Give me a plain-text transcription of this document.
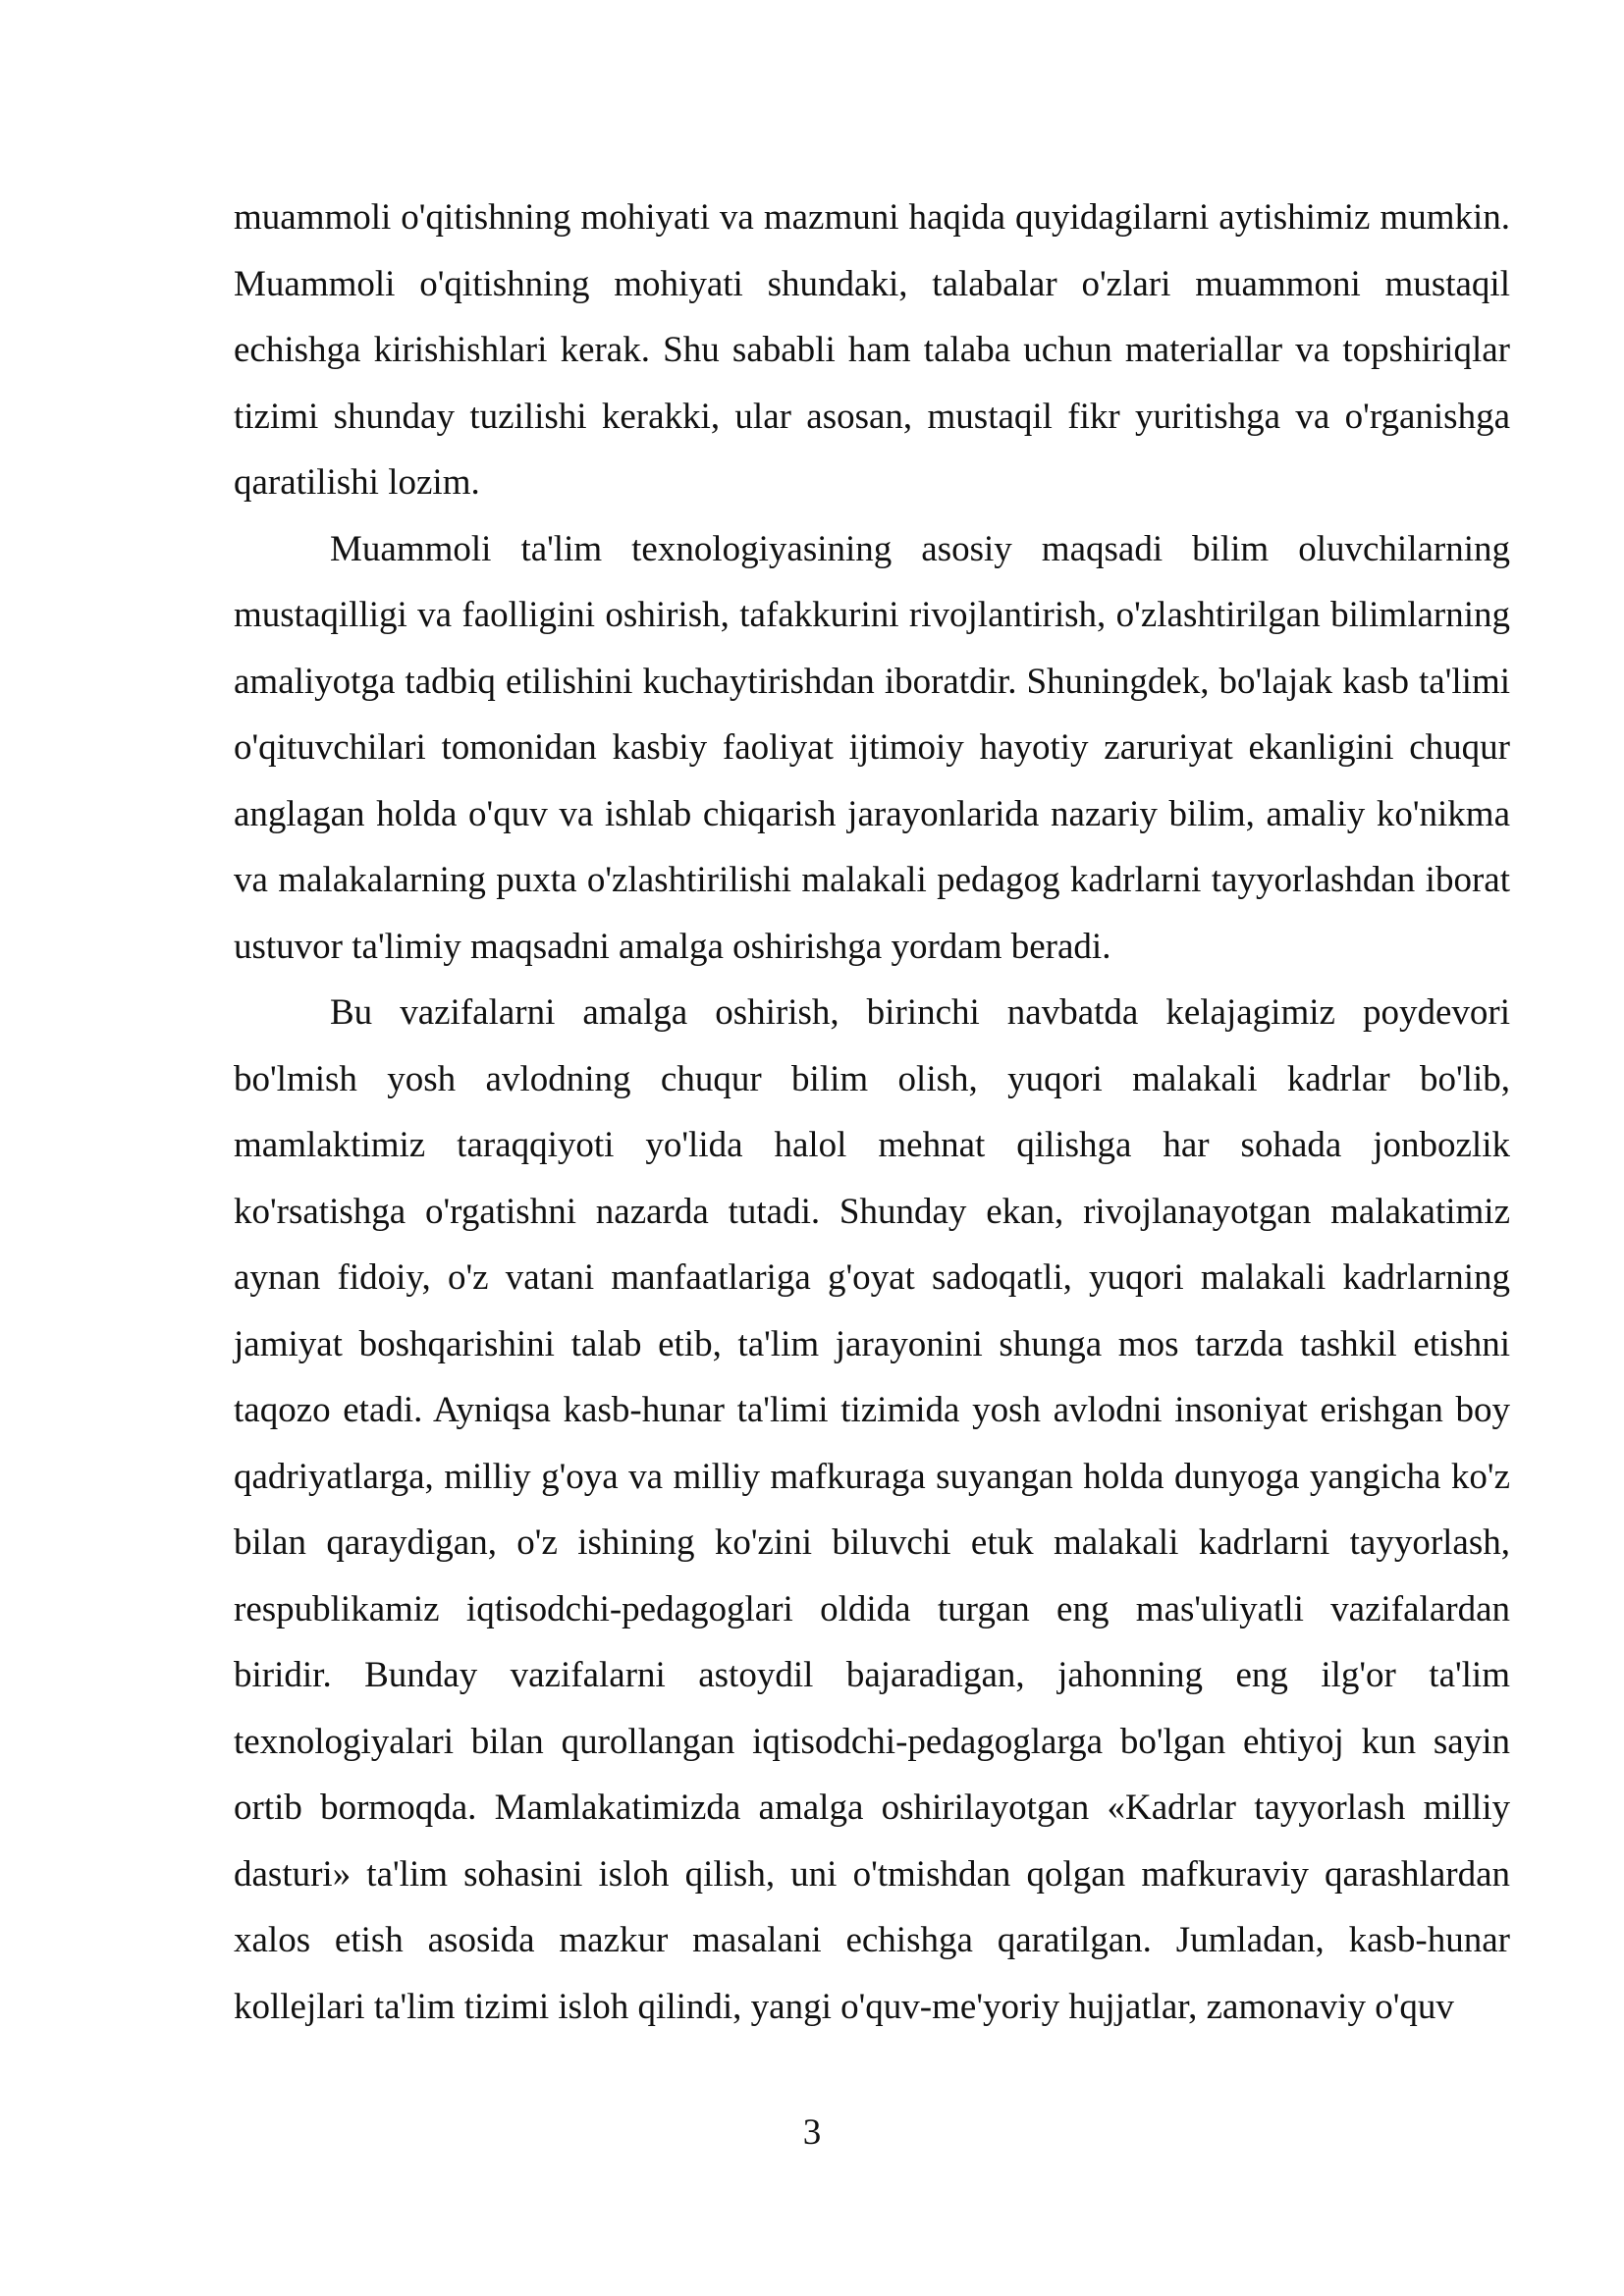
muammoli o'qitishning mohiyati va mazmuni haqida quyidagilarni aytishimiz mumkin. Muammoli o'qitishning mohiyati shundaki, talabalar o'zlari muammoni mustaqil echishga kirishishlari kerak. Shu sababli ham talaba uchun materiallar va topshiriqlar tizimi shunday tuzilishi kerakki, ular asosan, mustaqil fikr yuritishga va o'rganishga qaratilishi lozim.

Muammoli ta'lim texnologiyasining asosiy maqsadi bilim oluvchilarning mustaqilligi va faolligini oshirish, tafakkurini rivojlantirish, o'zlashtirilgan bilimlarning amaliyotga tadbiq etilishini kuchaytirishdan iboratdir. Shuningdek, bo'lajak kasb ta'limi o'qituvchilari tomonidan kasbiy faoliyat ijtimoiy hayotiy zaruriyat ekanligini chuqur anglagan holda o'quv va ishlab chiqarish jarayonlarida nazariy bilim, amaliy ko'nikma va malakalarning puxta o'zlashtirilishi malakali pedagog kadrlarni tayyorlashdan iborat ustuvor ta'limiy maqsadni amalga oshirishga yordam beradi.

Bu vazifalarni amalga oshirish, birinchi navbatda kelajagimiz poydevori bo'lmish yosh avlodning chuqur bilim olish, yuqori malakali kadrlar bo'lib, mamlaktimiz taraqqiyoti yo'lida halol mehnat qilishga har sohada jonbozlik ko'rsatishga o'rgatishni nazarda tutadi. Shunday ekan, rivojlanayotgan malakatimiz aynan fidoiy, o'z vatani manfaatlariga g'oyat sadoqatli, yuqori malakali kadrlarning jamiyat boshqarishini talab etib, ta'lim jarayonini shunga mos tarzda tashkil etishni taqozo etadi. Ayniqsa kasb-hunar ta'limi tizimida yosh avlodni insoniyat erishgan boy qadriyatlarga, milliy g'oya va milliy mafkuraga suyangan holda dunyoga yangicha ko'z bilan qaraydigan, o'z ishining ko'zini biluvchi etuk malakali kadrlarni tayyorlash, respublikamiz iqtisodchi-pedagoglari oldida turgan eng mas'uliyatli vazifalardan biridir. Bunday vazifalarni astoydil bajaradigan, jahonning eng ilg'or ta'lim texnologiyalari bilan qurollangan iqtisodchi-pedagoglarga bo'lgan ehtiyoj kun sayin ortib bormoqda. Mamlakatimizda amalga oshirilayotgan «Kadrlar tayyorlash milliy dasturi» ta'lim sohasini isloh qilish, uni o'tmishdan qolgan mafkuraviy qarashlardan xalos etish asosida mazkur masalani echishga qaratilgan. Jumladan, kasb-hunar kollejlari ta'lim tizimi isloh qilindi, yangi o'quv-me'yoriy hujjatlar, zamonaviy o'quv

3
